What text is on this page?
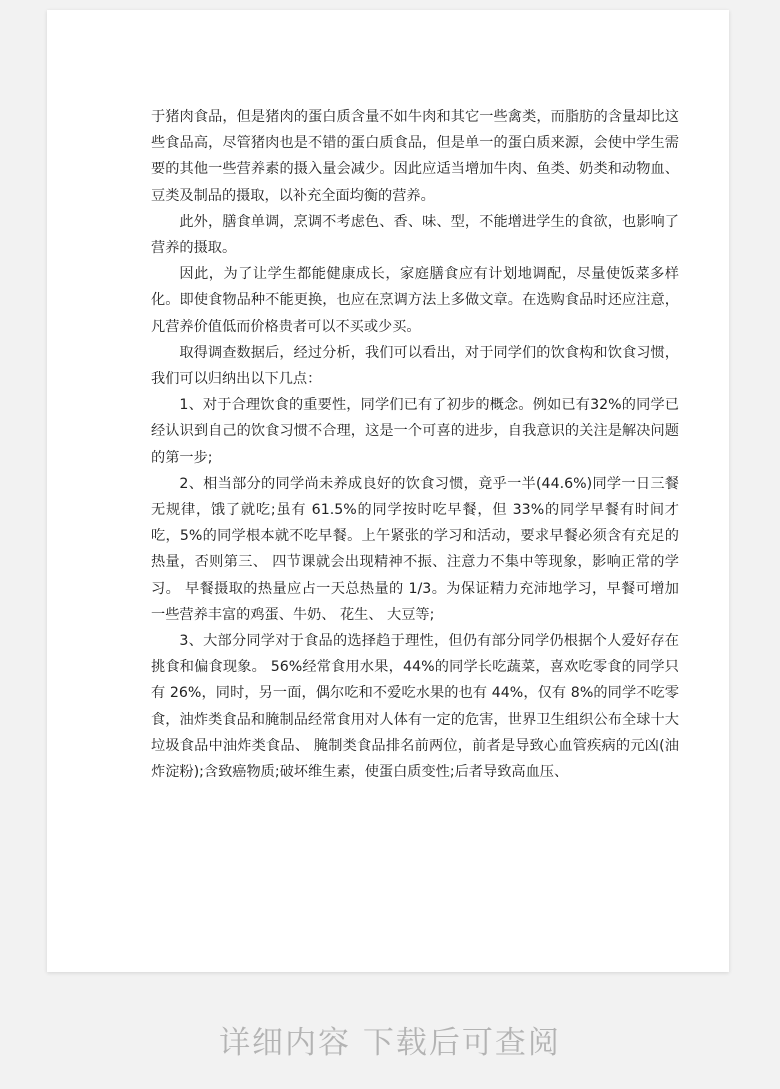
于猪肉食品，但是猪肉的蛋白质含量不如牛肉和其它一些禽类，而脂肪的含量却比这些食品高，尽管猪肉也是不错的蛋白质食品，但是单一的蛋白质来源，会使中学生需要的其他一些营养素的摄入量会减少。因此应适当增加牛肉、鱼类、奶类和动物血、豆类及制品的摄取，以补充全面均衡的营养。

此外，膳食单调，烹调不考虑色、香、味、型，不能增进学生的食欲，也影响了营养的摄取。

因此，为了让学生都能健康成长，家庭膳食应有计划地调配，尽量使饭菜多样化。即使食物品种不能更换，也应在烹调方法上多做文章。在选购食品时还应注意，凡营养价值低而价格贵者可以不买或少买。

取得调查数据后，经过分析，我们可以看出，对于同学们的饮食构和饮食习惯，我们可以归纳出以下几点：

1、对于合理饮食的重要性，同学们已有了初步的概念。例如已有32%的同学已经认识到自己的饮食习惯不合理，这是一个可喜的进步，自我意识的关注是解决问题的第一步;

2、相当部分的同学尚未养成良好的饮食习惯，竟乎一半(44.6%)同学一日三餐无规律，饿了就吃;虽有 61.5%的同学按时吃早餐，但 33%的同学早餐有时间才吃，5%的同学根本就不吃早餐。上午紧张的学习和活动，要求早餐必须含有充足的热量，否则第三、 四节课就会出现精神不振、注意力不集中等现象，影响正常的学习。 早餐摄取的热量应占一天总热量的 1/3。为保证精力充沛地学习，早餐可增加一些营养丰富的鸡蛋、牛奶、 花生、 大豆等;

3、大部分同学对于食品的选择趋于理性，但仍有部分同学仍根据个人爱好存在挑食和偏食现象。 56%经常食用水果，44%的同学长吃蔬菜，喜欢吃零食的同学只有 26%，同时，另一面，偶尔吃和不爱吃水果的也有 44%，仅有 8%的同学不吃零食，油炸类食品和腌制品经常食用对人体有一定的危害，世界卫生组织公布全球十大垃圾食品中油炸类食品、 腌制类食品排名前两位，前者是导致心血管疾病的元凶(油炸淀粉);含致癌物质;破坏维生素，使蛋白质变性;后者导致高血压、

详细内容 下载后可查阅
